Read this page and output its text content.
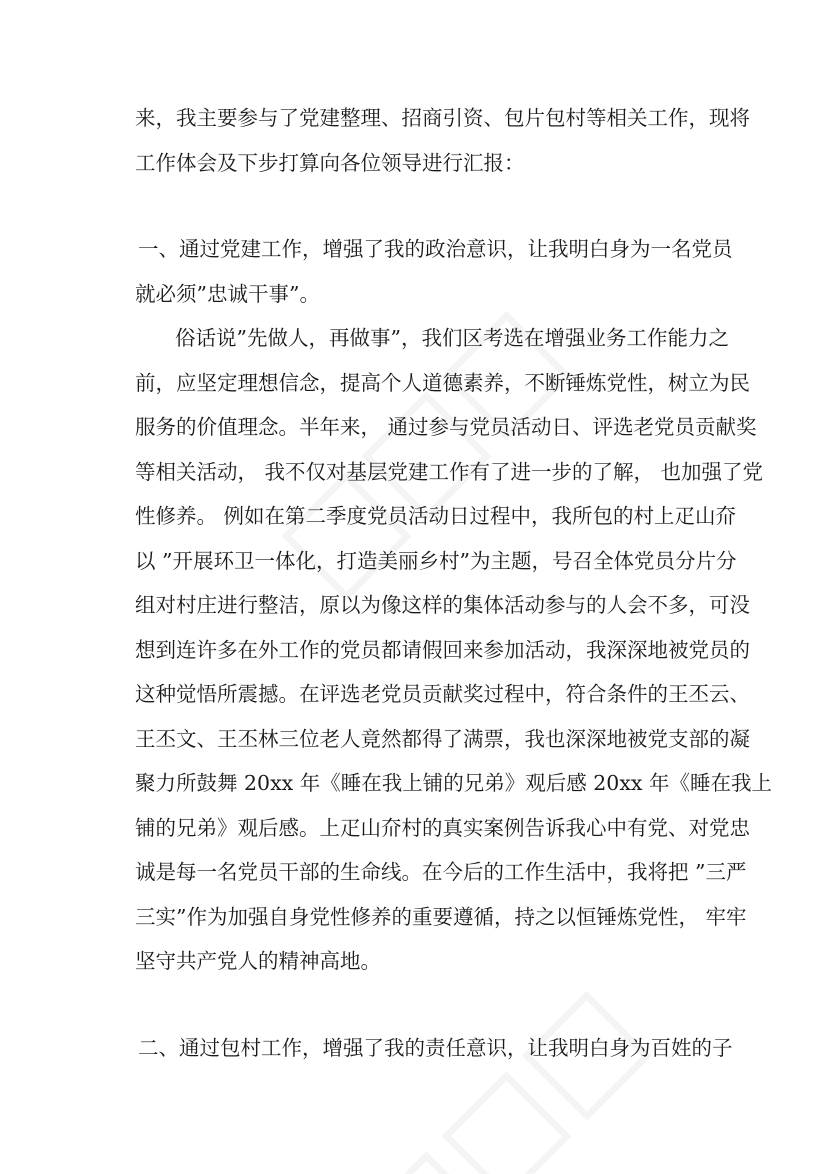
来，我主要参与了党建整理、招商引资、包片包村等相关工作，现将
工作体会及下步打算向各位领导进行汇报：
一、通过党建工作，增强了我的政治意识，让我明白身为一名党员
就必须”忠诚干事”。
俗话说”先做人，再做事”，我们区考选在增强业务工作能力之
前，应坚定理想信念，提高个人道德素养，不断锤炼党性，树立为民
服务的价值理念。半年来， 通过参与党员活动日、评选老党员贡献奖
等相关活动， 我不仅对基层党建工作有了进一步的了解， 也加强了党
性修养。 例如在第二季度党员活动日过程中，我所包的村上疋山夼
以 ”开展环卫一体化，打造美丽乡村”为主题，号召全体党员分片分
组对村庄进行整洁，原以为像这样的集体活动参与的人会不多，可没
想到连许多在外工作的党员都请假回来参加活动，我深深地被党员的
这种觉悟所震撼。在评选老党员贡献奖过程中，符合条件的王丕云、
王丕文、王丕林三位老人竟然都得了满票，我也深深地被党支部的凝
聚力所鼓舞 20xx 年《睡在我上铺的兄弟》观后感 20xx 年《睡在我上
铺的兄弟》观后感。上疋山夼村的真实案例告诉我心中有党、对党忠
诚是每一名党员干部的生命线。在今后的工作生活中，我将把 ”三严
三实”作为加强自身党性修养的重要遵循，持之以恒锤炼党性， 牢牢
坚守共产党人的精神高地。
二、通过包村工作，增强了我的责任意识，让我明白身为百姓的子
